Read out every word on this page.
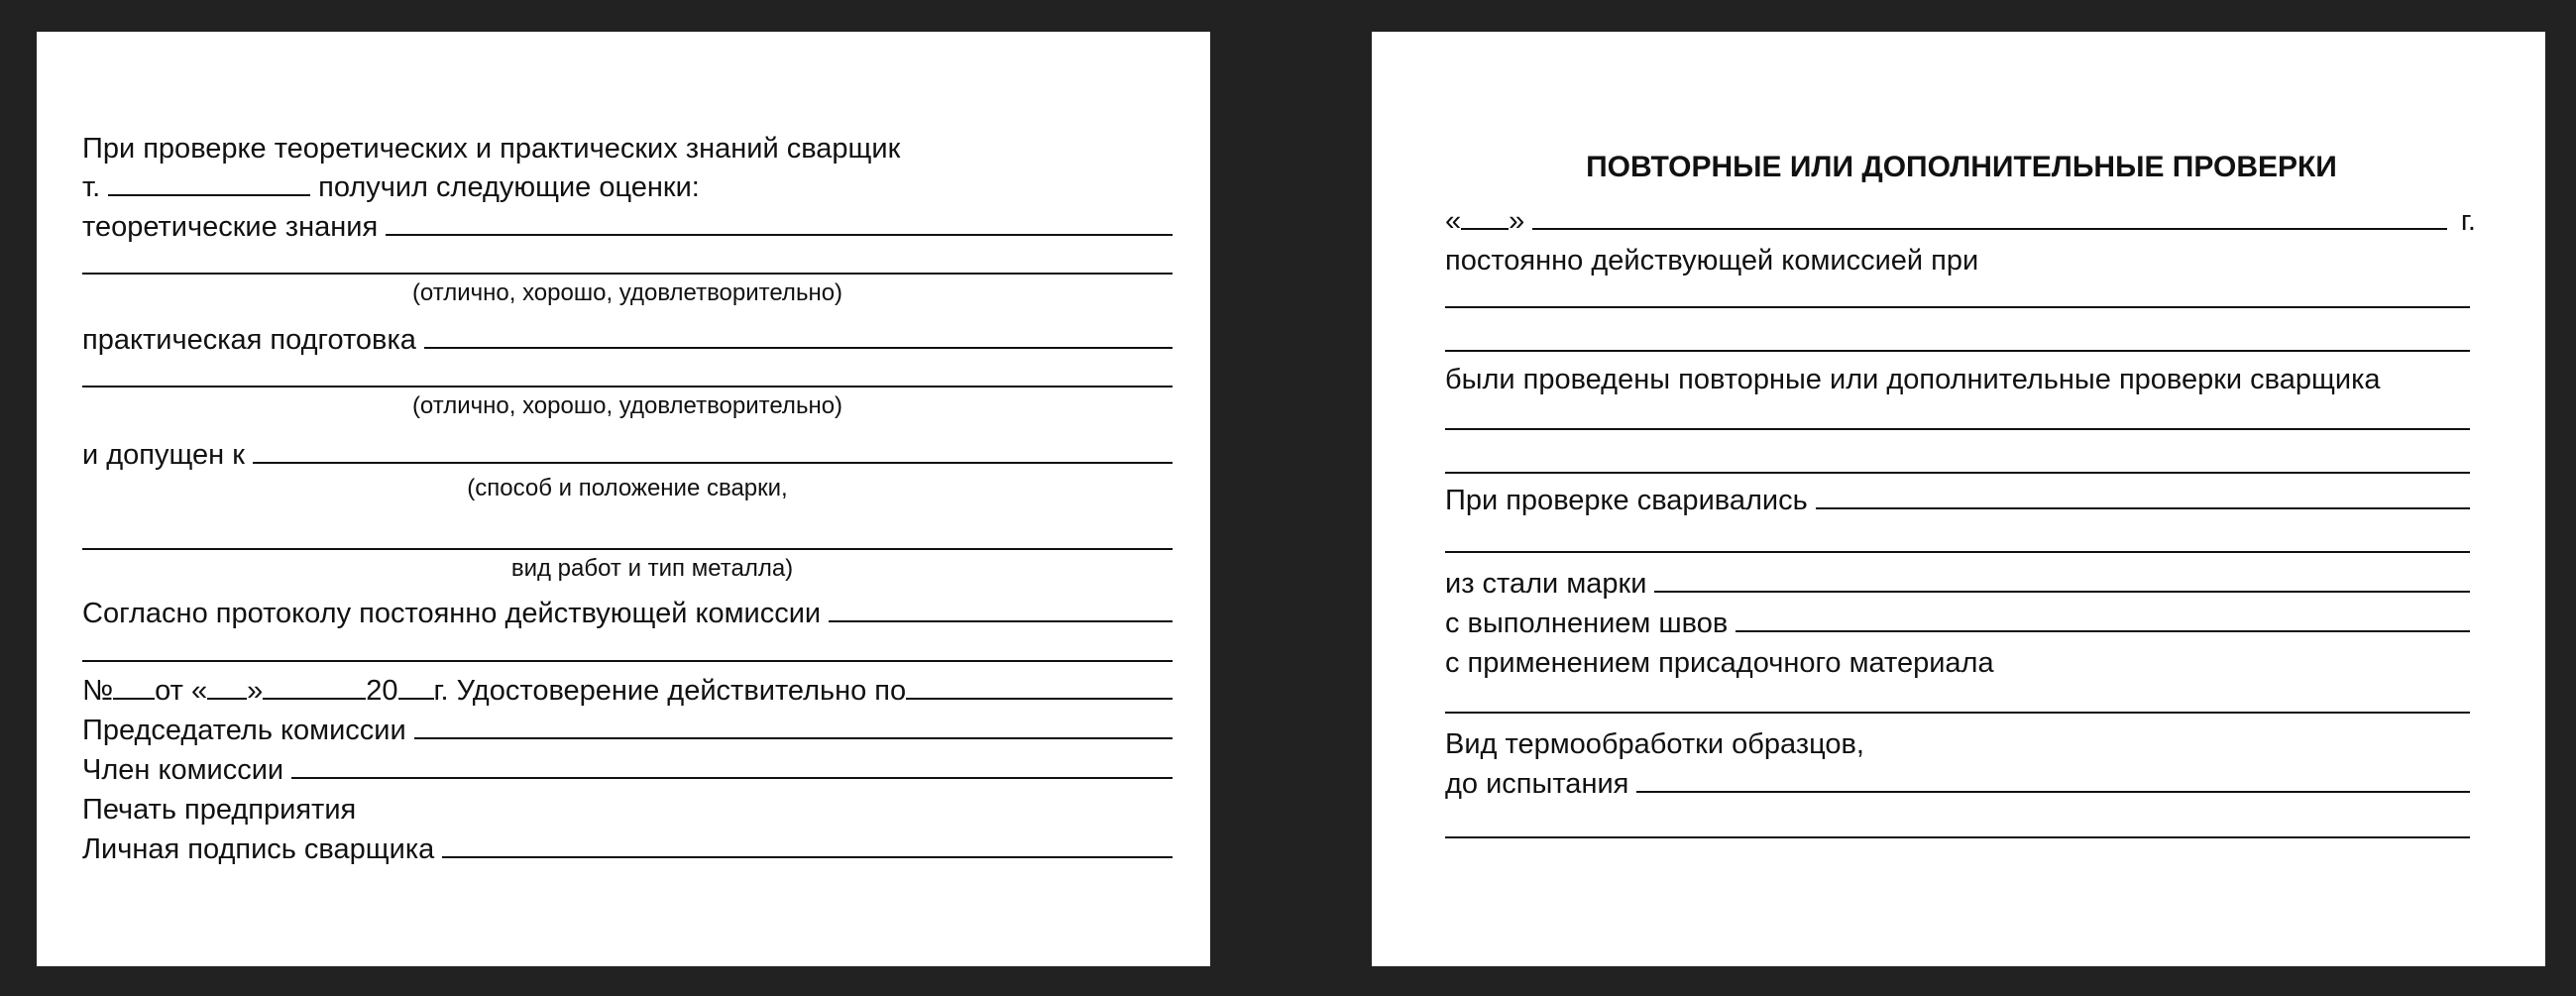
При проверке теоретических и практических знаний сварщик
т.	получил следующие оценки:
теоретические знания
(отлично, хорошо, удовлетворительно)
практическая подготовка
(отлично, хорошо, удовлетворительно)
и допущен к
(способ и положение сварки,
вид работ и тип металла)
Согласно протоколу постоянно действующей комиссии
№ от « »	20 г. Удостоверение действительно по
Председатель комиссии
Член комиссии
Печать предприятия
Личная подпись сварщика
ПОВТОРНЫЕ ИЛИ ДОПОЛНИТЕЛЬНЫЕ ПРОВЕРКИ
« »	г.
постоянно действующей комиссией при
были проведены повторные или дополнительные проверки сварщика
При проверке сваривались
из стали марки
с выполнением швов
с применением присадочного материала
Вид термообработки образцов,
до испытания
